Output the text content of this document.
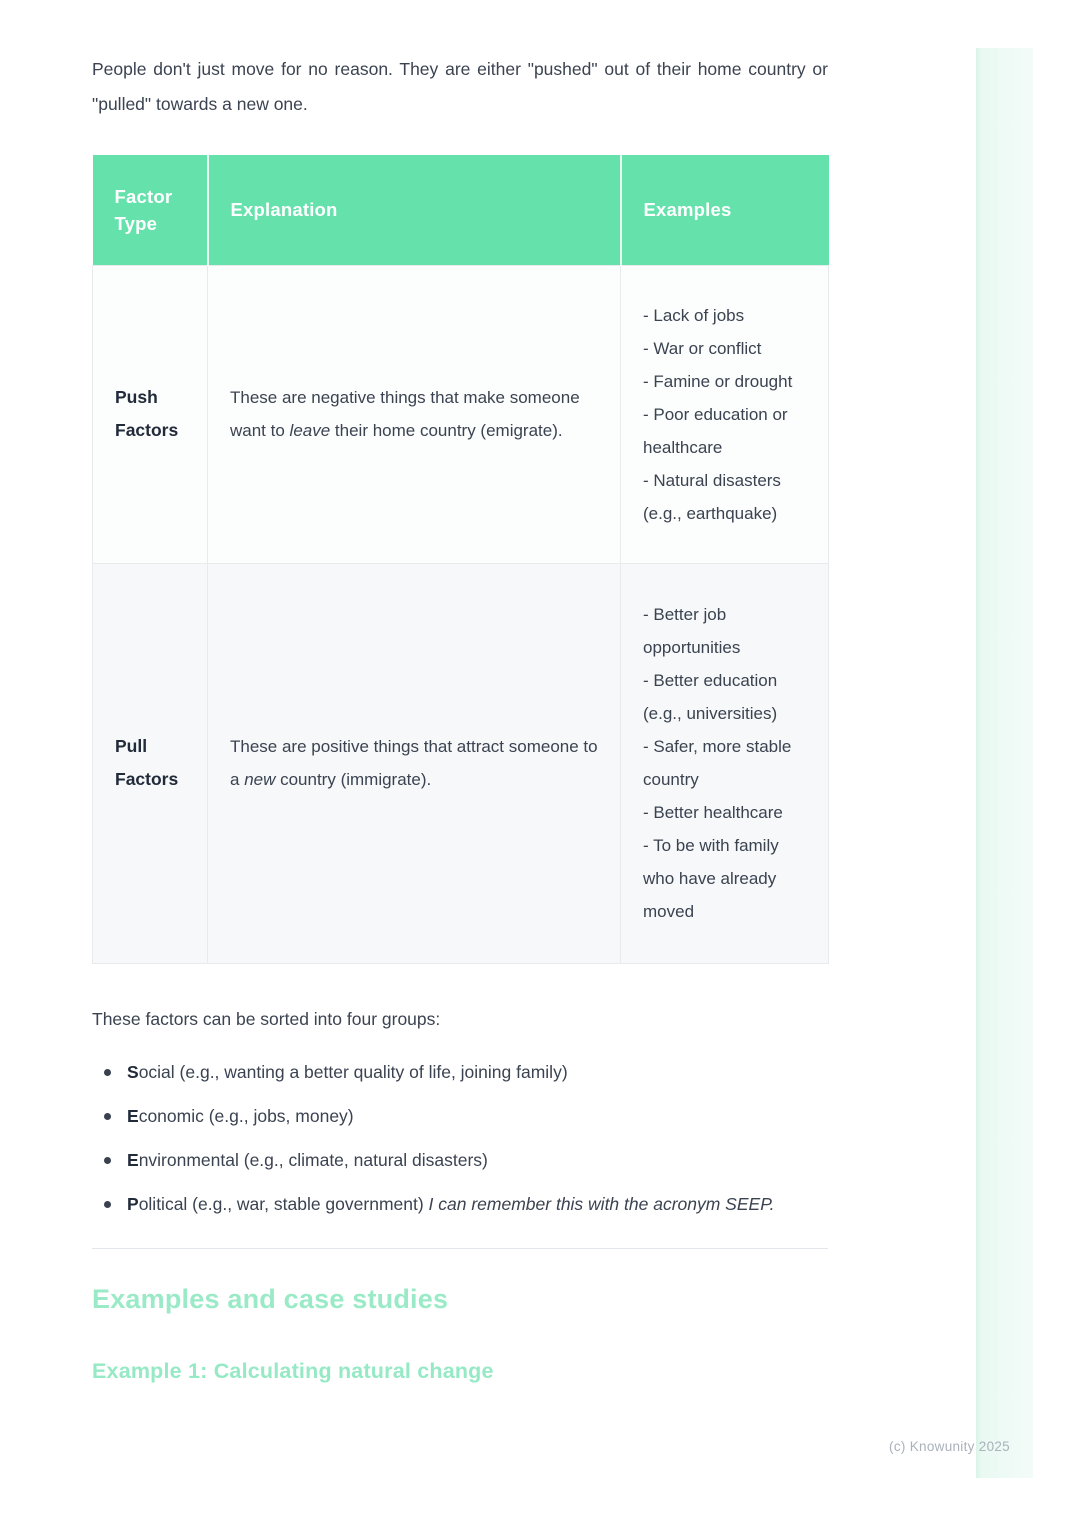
People don't just move for no reason. They are either "pushed" out of their home country or "pulled" towards a new one.

Factor Type	Explanation	Examples
Push Factors	These are negative things that make someone want to leave their home country (emigrate).	- Lack of jobs
- War or conflict
- Famine or drought
- Poor education or healthcare
- Natural disasters (e.g., earthquake)

Pull Factors	These are positive things that attract someone to a new country (immigrate).	- Better job opportunities
- Better education (e.g., universities)
- Safer, more stable country
- Better healthcare
- To be with family who have already moved

These factors can be sorted into four groups:

Social (e.g., wanting a better quality of life, joining family)
Economic (e.g., jobs, money)
Environmental (e.g., climate, natural disasters)
Political (e.g., war, stable government) I can remember this with the acronym SEEP.
Examples and case studies
Example 1: Calculating natural change
(c) Knowunity 2025
